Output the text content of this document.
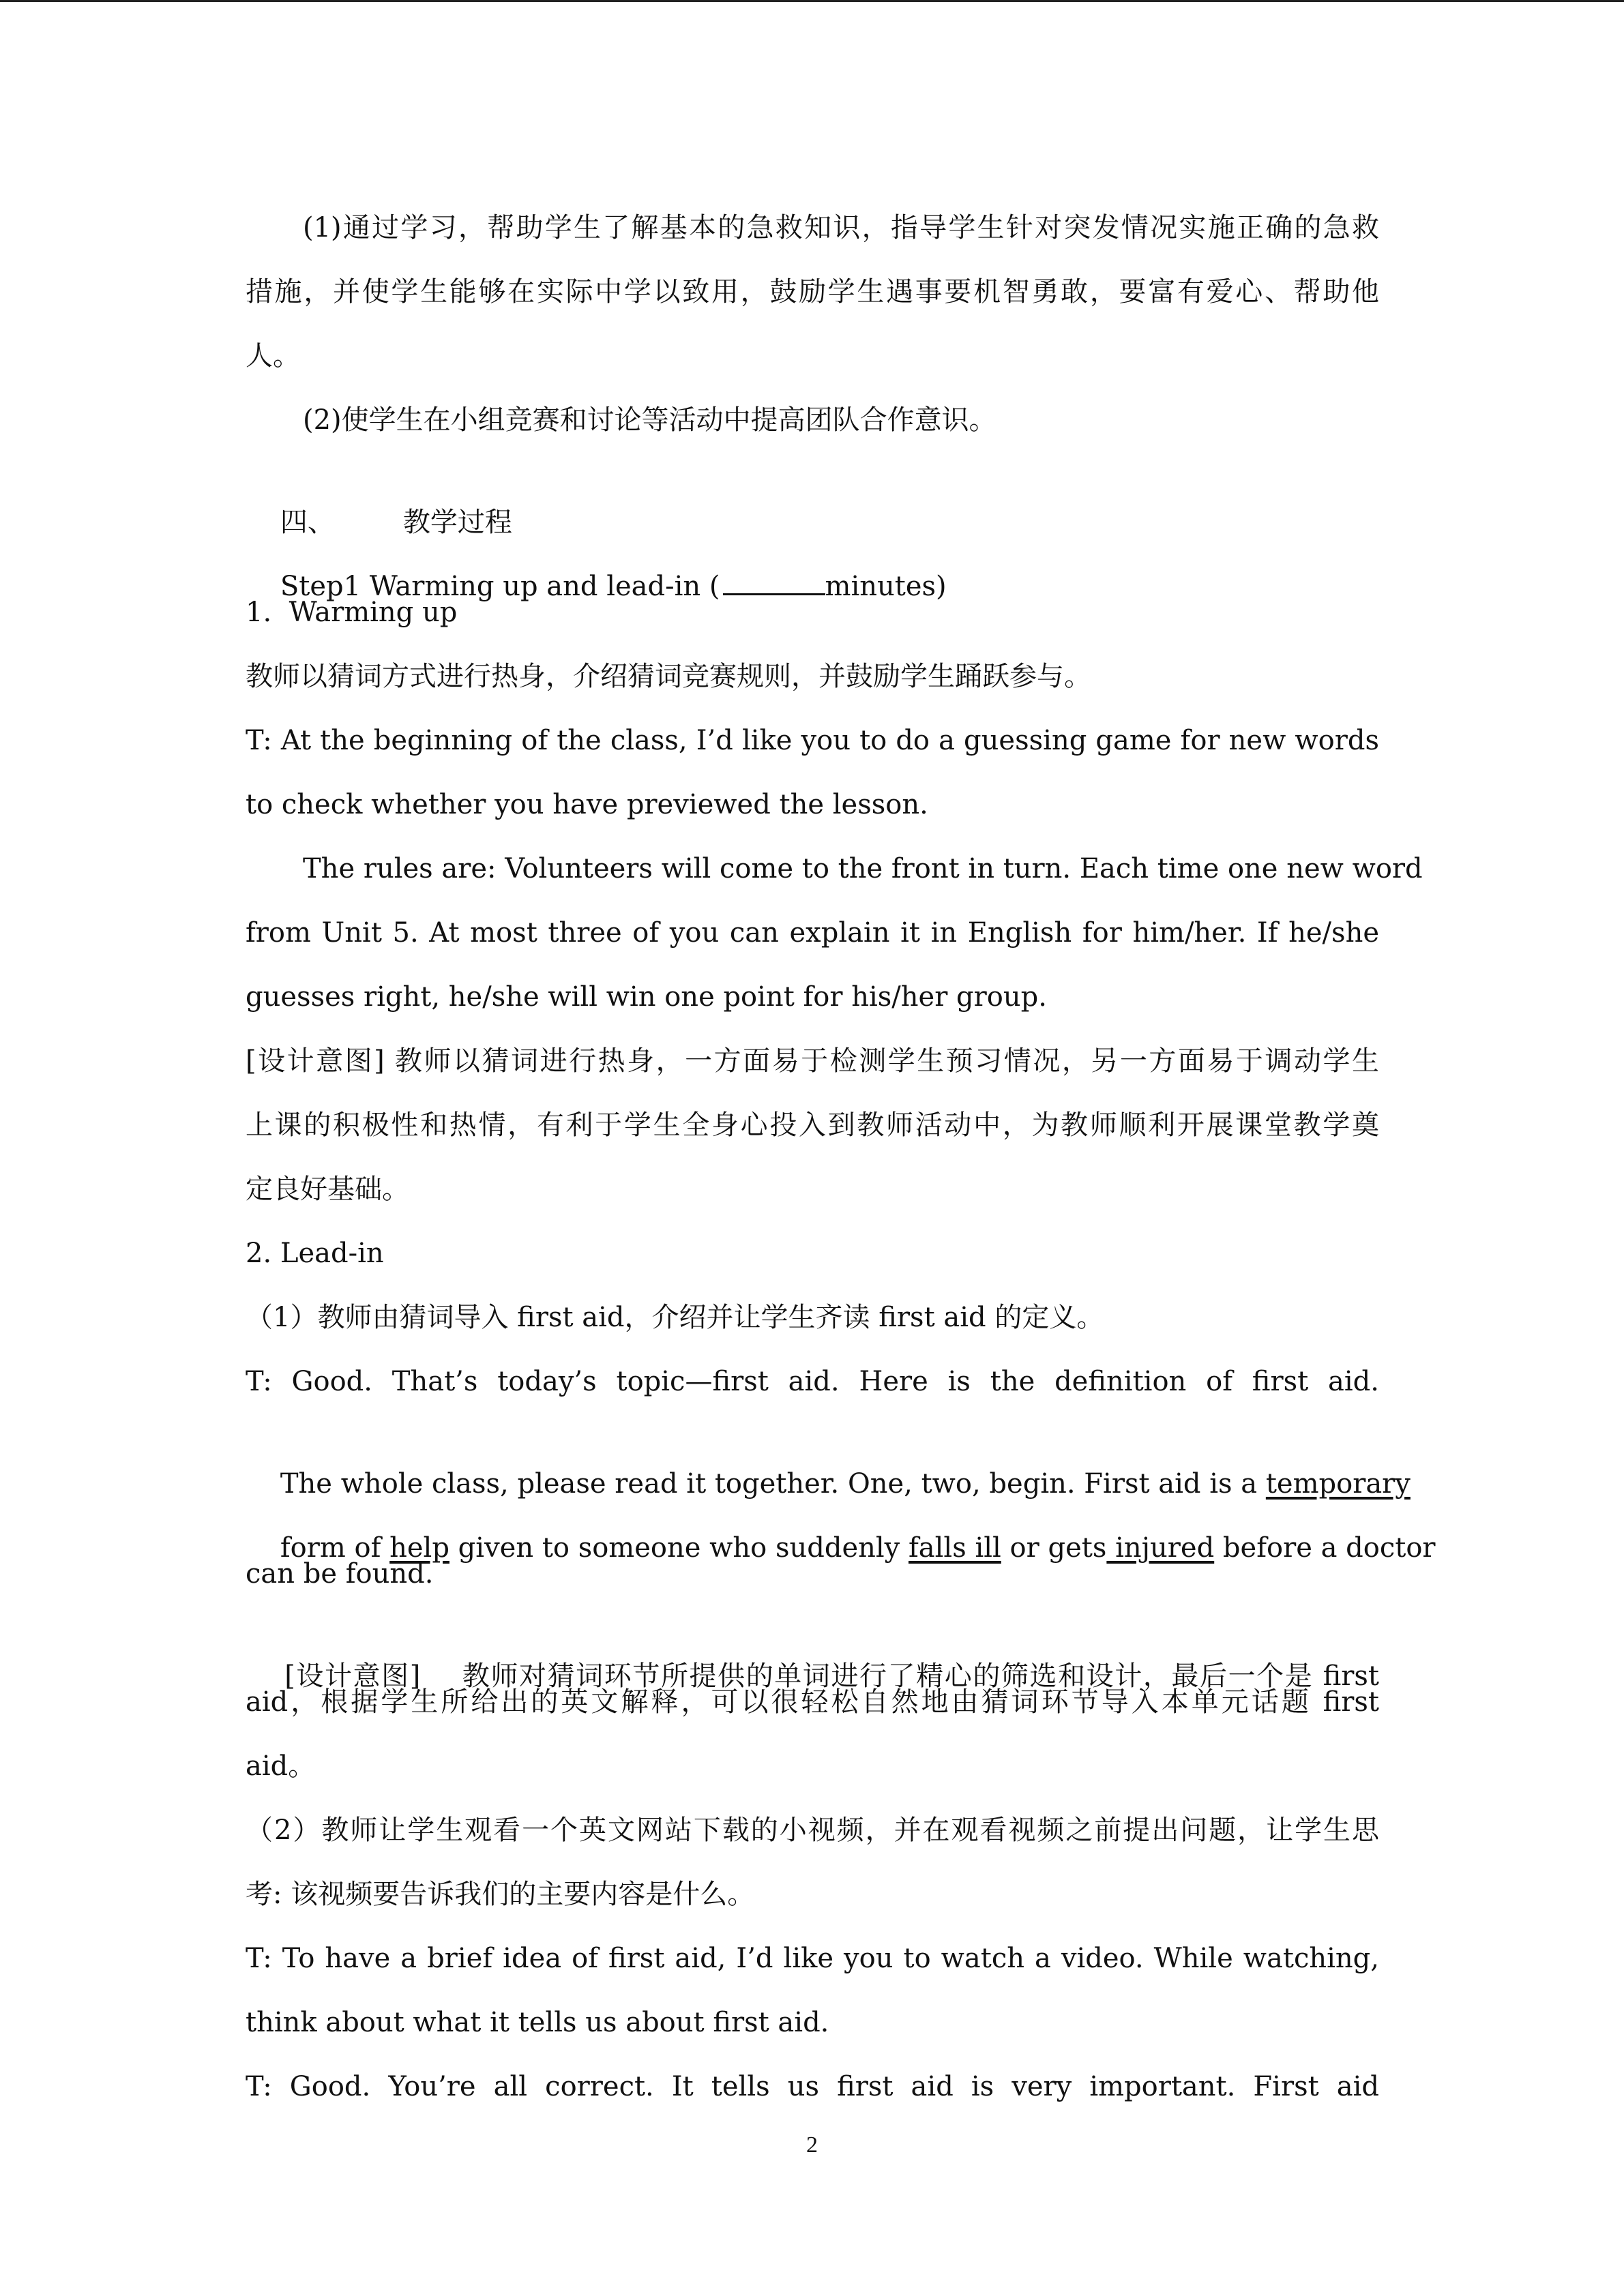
(1)通过学习，帮助学生了解基本的急救知识，指导学生针对突发情况实施正确的急救
措施，并使学生能够在实际中学以致用，鼓励学生遇事要机智勇敢，要富有爱心、帮助他
人。
(2)使学生在小组竞赛和讨论等活动中提高团队合作意识。

四、	教学过程

Step1 Warming up and lead-in (	minutes)

1.  Warming up
教师以猜词方式进行热身，介绍猜词竞赛规则，并鼓励学生踊跃参与。
T: At the beginning of the class, I’d like you to do a guessing game for new words
to check whether you have previewed the lesson.
The rules are: Volunteers will come to the front in turn. Each time one new word
from Unit 5. At most three of you can explain it in English for him/her. If he/she
guesses right, he/she will win one point for his/her group.
[设计意图] 教师以猜词进行热身，一方面易于检测学生预习情况，另一方面易于调动学生
上课的积极性和热情，有利于学生全身心投入到教师活动中，为教师顺利开展课堂教学奠
定良好基础。
2. Lead-in
（1）教师由猜词导入 first aid，介绍并让学生齐读 first aid 的定义。
T: Good. That’s today’s topic—first aid. Here is the definition of first aid.

The whole class, please read it together. One, two, begin. First aid is a temporary

form of help given to someone who suddenly falls ill or gets injured before a doctor

can be found.

[设计意图] 教师对猜词环节所提供的单词进行了精心的筛选和设计，最后一个是 first

aid，根据学生所给出的英文解释，可以很轻松自然地由猜词环节导入本单元话题 first
aid。
（2）教师让学生观看一个英文网站下载的小视频，并在观看视频之前提出问题，让学生思
考: 该视频要告诉我们的主要内容是什么。
T: To have a brief idea of first aid, I’d like you to watch a video. While watching,
think about what it tells us about first aid.
T: Good. You’re all correct. It tells us first aid is very important. First aid
2
